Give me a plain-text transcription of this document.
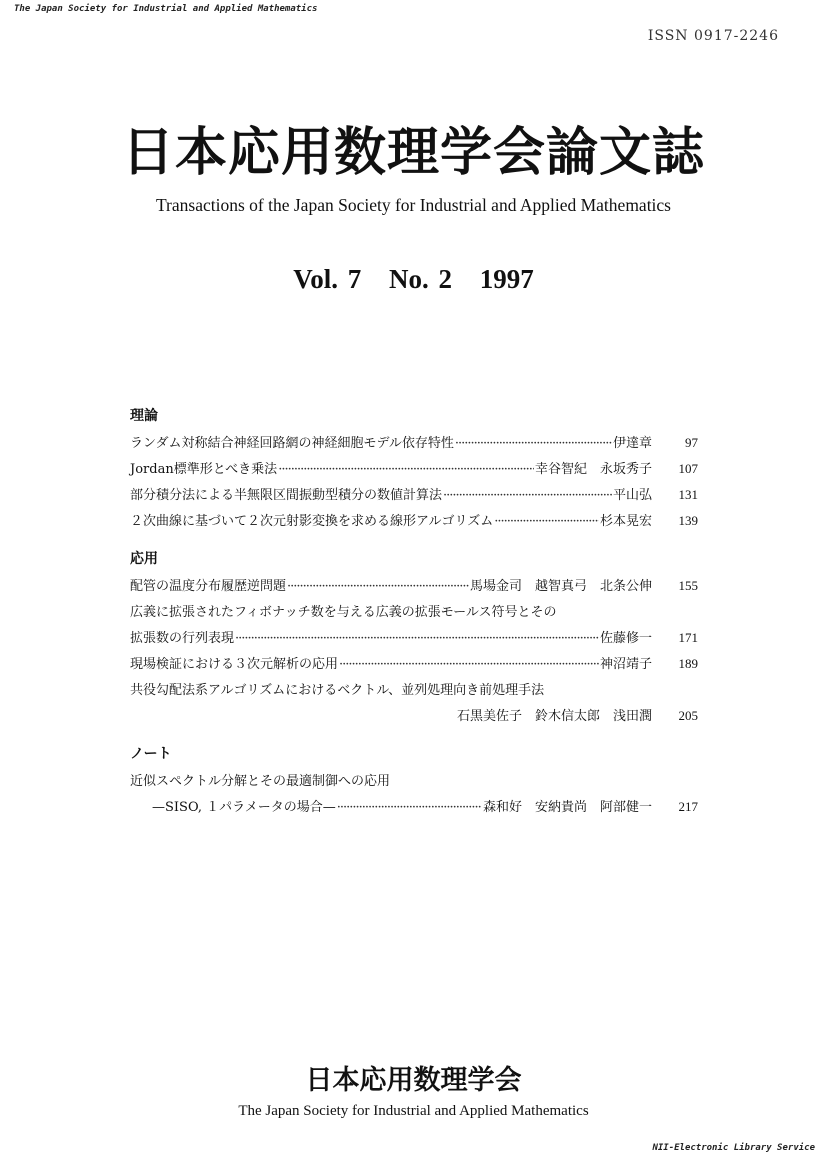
The Japan Society for Industrial and Applied Mathematics
ISSN 0917-2246
日本応用数理学会論文誌
Transactions of the Japan Society for Industrial and Applied Mathematics
Vol. 7 No. 2 1997
理論
ランダム対称結合神経回路網の神経細胞モデル依存特性 ·····	伊達章	97
Jordan標準形とべき乗法 ·····	幸谷智紀　永坂秀子	107
部分積分法による半無限区間振動型積分の数値計算法 ·····	平山弘	131
２次曲線に基づいて２次元射影変換を求める線形アルゴリズム ·····	杉本晃宏	139
応用
配管の温度分布履歴逆問題 ·····	馬場金司　越智真弓　北条公伸	155
広義に拡張されたフィボナッチ数を与える広義の拡張モールス符号とその
拡張数の行列表現 ·····	佐藤修一	171
現場検証における３次元解析の応用 ·····	神沼靖子	189
共役勾配法系アルゴリズムにおけるベクトル、並列処理向き前処理手法
石黒美佐子　鈴木信太郎　浅田潤	205
ノート
近似スペクトル分解とその最適制御への応用
—SISO, １パラメータの場合— ·····	森和好　安納貴尚　阿部健一	217
日本応用数理学会
The Japan Society for Industrial and Applied Mathematics
NII-Electronic Library Service
